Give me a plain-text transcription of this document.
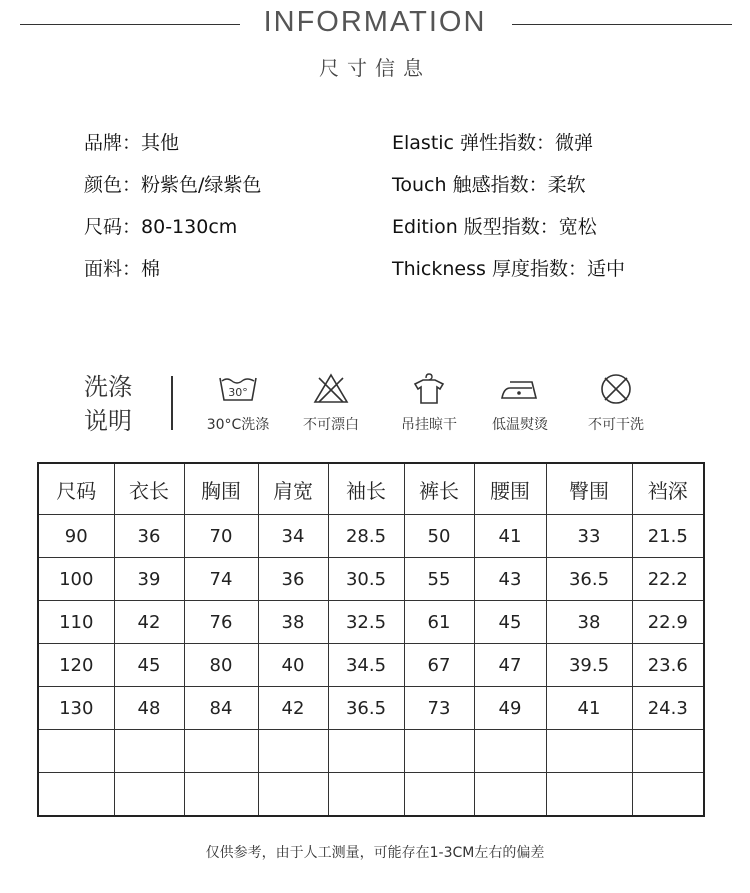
INFORMATION
尺寸信息
品牌：其他
颜色：粉紫色/绿紫色
尺码：80-130cm
面料：棉
Elastic 弹性指数：微弹
Touch 触感指数：柔软
Edition 版型指数：宽松
Thickness 厚度指数：适中
洗涤
说明
30°
30°C洗涤	不可漂白	吊挂晾干	低温熨烫	不可干洗
尺码	衣长	胸围	肩宽	袖长	裤长	腰围	臀围	裆深
90	36	70	34	28.5	50	41	33	21.5
100	39	74	36	30.5	55	43	36.5	22.2
110	42	76	38	32.5	61	45	38	22.9
120	45	80	40	34.5	67	47	39.5	23.6
130	48	84	42	36.5	73	49	41	24.3

仅供参考，由于人工测量，可能存在1-3CM左右的偏差
